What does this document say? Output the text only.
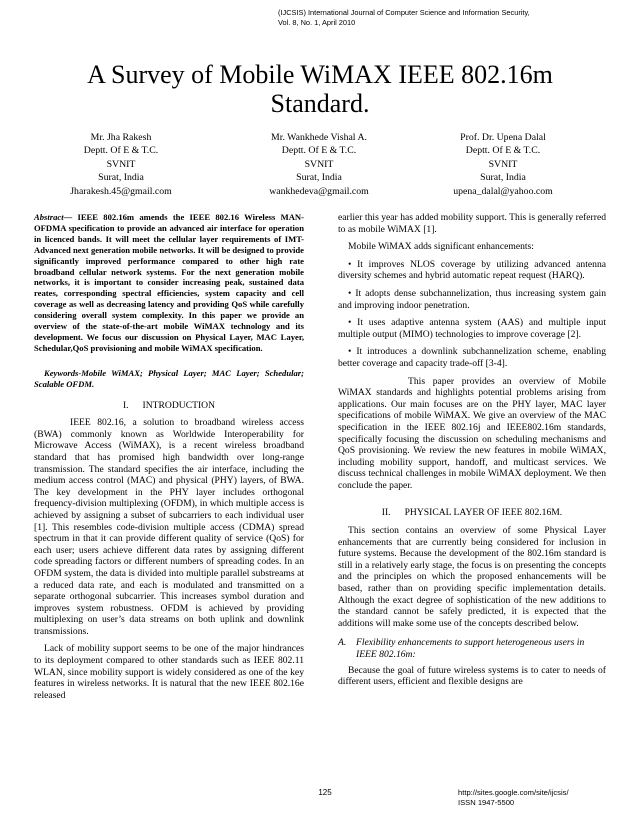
(IJCSIS) International Journal of Computer Science and Information Security,
Vol. 8, No. 1, April 2010
A Survey of Mobile WiMAX IEEE 802.16m
Standard.
Mr. Jha Rakesh
Deptt. Of E & T.C.
SVNIT
Surat, India
Jharakesh.45@gmail.com
Mr. Wankhede Vishal A.
Deptt. Of E & T.C.
SVNIT
Surat, India
wankhedeva@gmail.com
Prof. Dr. Upena Dalal
Deptt. Of E & T.C.
SVNIT
Surat, India
upena_dalal@yahoo.com

Abstract— IEEE 802.16m amends the IEEE 802.16 Wireless MAN-OFDMA specification to provide an advanced air interface for operation in licenced bands. It will meet the cellular layer requirements of IMT-Advanced next generation mobile networks. It will be designed to provide significantly improved performance compared to other high rate broadband cellular network systems. For the next generation mobile networks, it is important to consider increasing peak, sustained data reates, corresponding spectral efficiencies, system capacity and cell coverage as well as decreasing latency and providing QoS while carefully considering overall system complexity. In this paper we provide an overview of the state-of-the-art mobile WiMAX technology and its development. We focus our discussion on Physical Layer, MAC Layer, Schedular,QoS provisioning and mobile WiMAX specification.

Keywords-Mobile WiMAX; Physical Layer; MAC Layer; Schedular; Scalable OFDM.

I. INTRODUCTION

IEEE 802.16, a solution to broadband wireless access (BWA) commonly known as Worldwide Interoperability for Microwave Access (WiMAX), is a recent wireless broadband standard that has promised high bandwidth over long-range transmission. The standard specifies the air interface, including the medium access control (MAC) and physical (PHY) layers, of BWA. The key development in the PHY layer includes orthogonal frequency-division multiplexing (OFDM), in which multiple access is achieved by assigning a subset of subcarriers to each individual user [1]. This resembles code-division multiple access (CDMA) spread spectrum in that it can provide different quality of service (QoS) for each user; users achieve different data rates by assigning different code spreading factors or different numbers of spreading codes. In an OFDM system, the data is divided into multiple parallel substreams at a reduced data rate, and each is modulated and transmitted on a separate orthogonal subcarrier. This increases symbol duration and improves system robustness. OFDM is achieved by providing multiplexing on user’s data streams on both uplink and downlink transmissions.

Lack of mobility support seems to be one of the major hindrances to its deployment compared to other standards such as IEEE 802.11 WLAN, since mobility support is widely considered as one of the key features in wireless networks. It is natural that the new IEEE 802.16e released

earlier this year has added mobility support. This is generally referred to as mobile WiMAX [1].

Mobile WiMAX adds significant enhancements:

• It improves NLOS coverage by utilizing advanced antenna diversity schemes and hybrid automatic repeat request (HARQ).

• It adopts dense subchannelization, thus increasing system gain and improving indoor penetration.

• It uses adaptive antenna system (AAS) and multiple input multiple output (MIMO) technologies to improve coverage [2].

• It introduces a downlink subchannelization scheme, enabling better coverage and capacity trade-off [3-4].

This paper provides an overview of Mobile WiMAX standards and highlights potential problems arising from applications. Our main focuses are on the PHY layer, MAC layer specifications of mobile WiMAX. We give an overview of the MAC specification in the IEEE 802.16j and IEEE802.16m standards, specifically focusing the discussion on scheduling mechanisms and QoS provisioning. We review the new features in mobile WiMAX, including mobility support, handoff, and multicast services. We discuss technical challenges in mobile WiMAX deployment. We then conclude the paper.

II. PHYSICAL LAYER OF IEEE 802.16M.

This section contains an overview of some Physical Layer enhancements that are currently being considered for inclusion in future systems. Because the development of the 802.16m standard is still in a relatively early stage, the focus is on presenting the concepts and the principles on which the proposed enhancements will be based, rather than on providing specific implementation details. Although the exact degree of sophistication of the new additions to the standard cannot be safely predicted, it is expected that the additions will make some use of the concepts described below.

A. Flexibility enhancements to support heterogeneous users in IEEE 802.16m:

Because the goal of future wireless systems is to cater to needs of different users, efficient and flexible designs are

125	http://sites.google.com/site/ijcsis/
ISSN 1947-5500
